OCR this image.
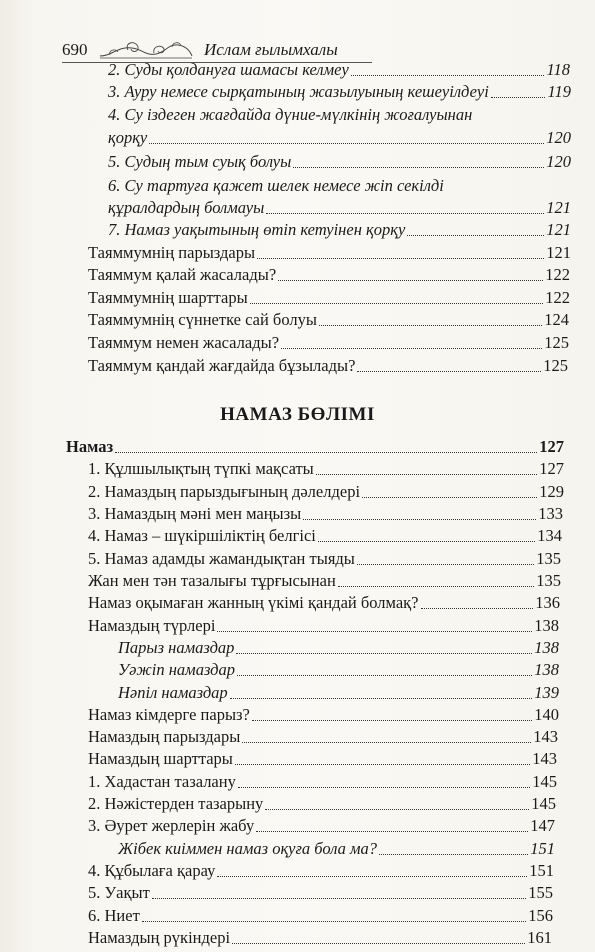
690	Ислам ғылымхалы
2. Суды қолдануға шамасы келмеу	118
3. Ауру немесе сырқатының жазылуының кешеуілдеуі	119
4. Су іздеген жағдайда дүние-мүлкінің жоғалуынан
қорқу	120
5. Судың тым суық болуы	120
6. Су тартуға қажет шелек немесе жіп секілді
құралдардың болмауы	121
7. Намаз уақытының өтіп кетуінен қорқу	121
Таяммумнің парыздары	121
Таяммум қалай жасалады?	122
Таяммумнің шарттары	122
Таяммумнің сүннетке сай болуы	124
Таяммум немен жасалады?	125
Таяммум қандай жағдайда бұзылады?	125
НАМАЗ БӨЛІМІ
Намаз	127
1. Құлшылықтың түпкі мақсаты	127
2. Намаздың парыздығының дәлелдері	129
3. Намаздың мәні мен маңызы	133
4. Намаз – шүкіршіліктің белгісі	134
5. Намаз адамды жамандықтан тыяды	135
Жан мен тән тазалығы тұрғысынан	135
Намаз оқымаған жанның үкімі қандай болмақ?	136
Намаздың түрлері	138
Парыз намаздар	138
Уәжіп намаздар	138
Нәпіл намаздар	139
Намаз кімдерге парыз?	140
Намаздың парыздары	143
Намаздың шарттары	143
1. Хадастан тазалану	145
2. Нәжістерден тазарыну	145
3. Әурет жерлерін жабу	147
Жібек киіммен намаз оқуға бола ма?	151
4. Құбылаға қарау	151
5. Уақыт	155
6. Ниет	156
Намаздың рүкіндері	161
